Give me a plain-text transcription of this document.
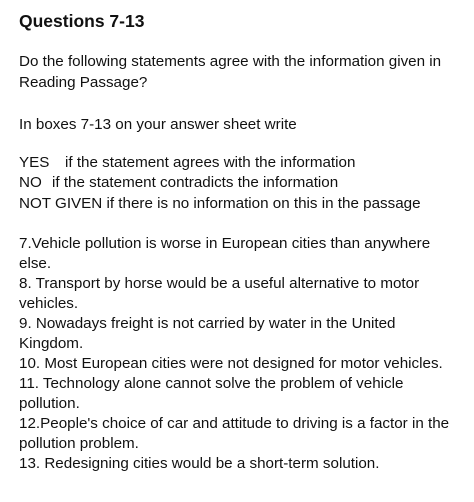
Questions 7-13
Do the following statements agree with the information given in
Reading Passage?
In boxes 7-13 on your answer sheet write
YES if the statement agrees with the information
NO if the statement contradicts the information
NOT GIVEN if there is no information on this in the passage
7.Vehicle pollution is worse in European cities than anywhere
else.
8. Transport by horse would be a useful alternative to motor
vehicles.
9. Nowadays freight is not carried by water in the United
Kingdom.
10. Most European cities were not designed for motor vehicles.
11. Technology alone cannot solve the problem of vehicle
pollution.
12.People's choice of car and attitude to driving is a factor in the
pollution problem.
13. Redesigning cities would be a short-term solution.
